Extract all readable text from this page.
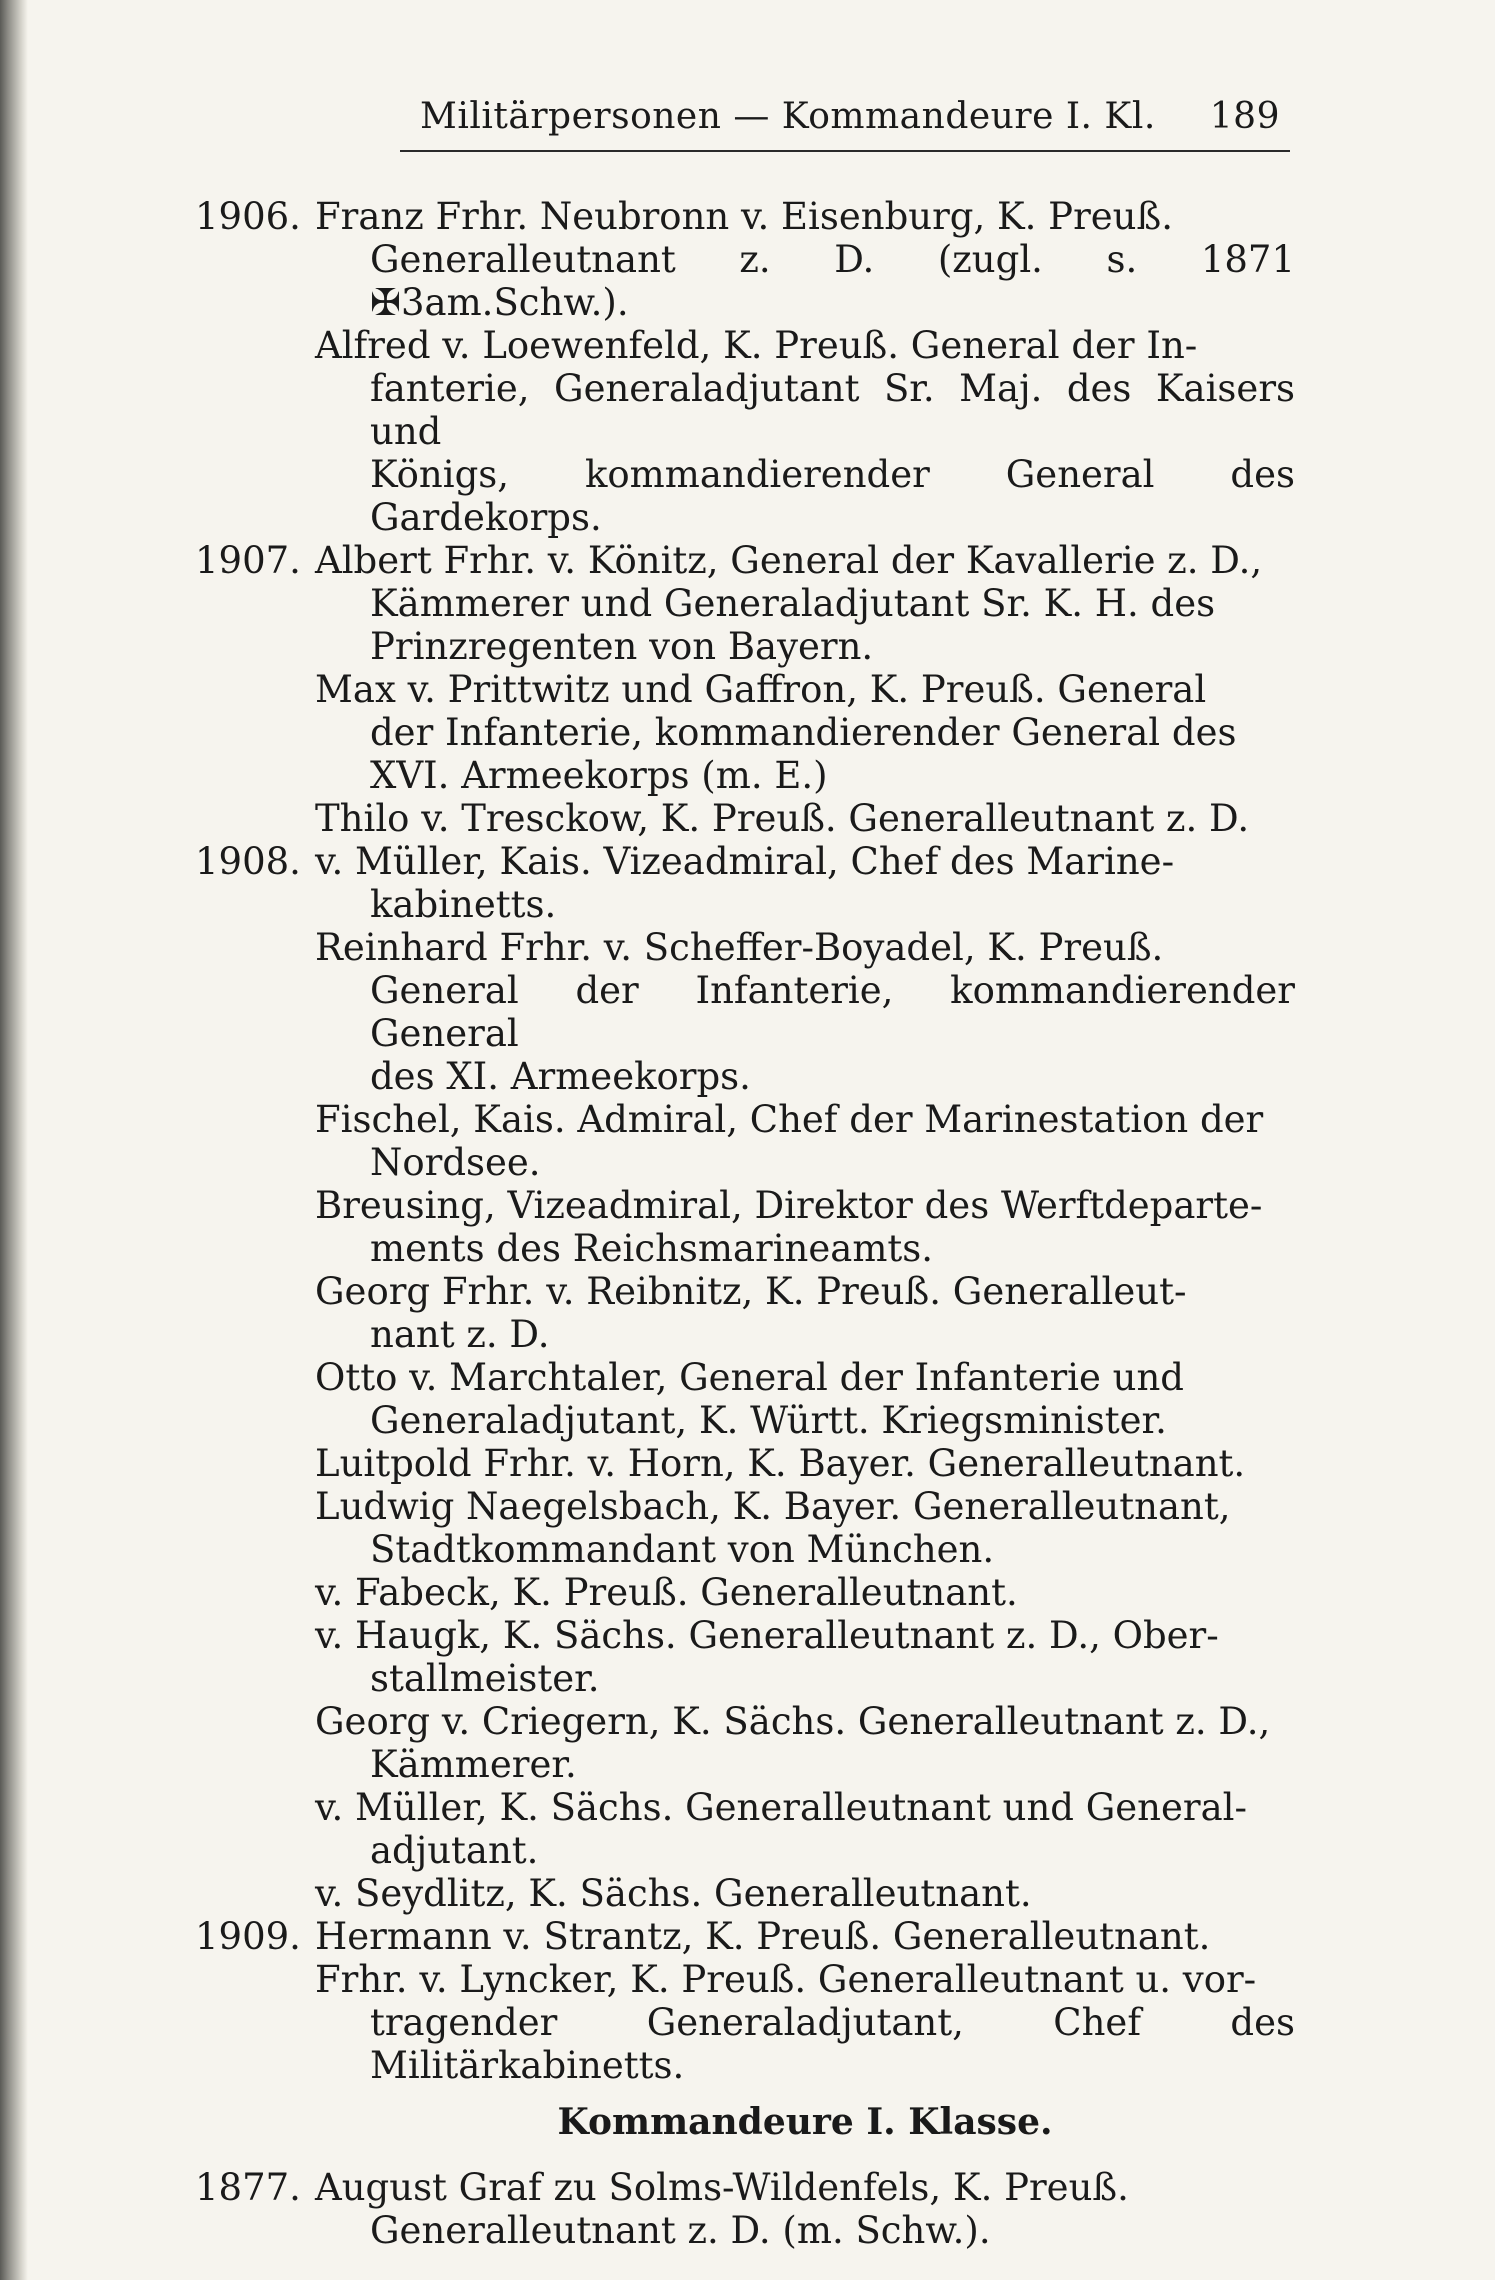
Militärpersonen — Kommandeure I. Kl. 189
1906. Franz Frhr. Neubronn v. Eisenburg, K. Preuß.
Generalleutnant z. D. (zugl. s. 1871 ✠3am.Schw.).
Alfred v. Loewenfeld, K. Preuß. General der In-
fanterie, Generaladjutant Sr. Maj. des Kaisers und
Königs, kommandierender General des Gardekorps.
1907. Albert Frhr. v. Könitz, General der Kavallerie z. D.,
Kämmerer und Generaladjutant Sr. K. H. des
Prinzregenten von Bayern.
Max v. Prittwitz und Gaffron, K. Preuß. General
der Infanterie, kommandierender General des
XVI. Armeekorps (m. E.)
Thilo v. Tresckow, K. Preuß. Generalleutnant z. D.
1908. v. Müller, Kais. Vizeadmiral, Chef des Marine-
kabinetts.
Reinhard Frhr. v. Scheffer-Boyadel, K. Preuß.
General der Infanterie, kommandierender General
des XI. Armeekorps.
Fischel, Kais. Admiral, Chef der Marinestation der
Nordsee.
Breusing, Vizeadmiral, Direktor des Werftdeparte-
ments des Reichsmarineamts.
Georg Frhr. v. Reibnitz, K. Preuß. Generalleut-
nant z. D.
Otto v. Marchtaler, General der Infanterie und
Generaladjutant, K. Württ. Kriegsminister.
Luitpold Frhr. v. Horn, K. Bayer. Generalleutnant.
Ludwig Naegelsbach, K. Bayer. Generalleutnant,
Stadtkommandant von München.
v. Fabeck, K. Preuß. Generalleutnant.
v. Haugk, K. Sächs. Generalleutnant z. D., Ober-
stallmeister.
Georg v. Criegern, K. Sächs. Generalleutnant z. D.,
Kämmerer.
v. Müller, K. Sächs. Generalleutnant und General-
adjutant.
v. Seydlitz, K. Sächs. Generalleutnant.
1909. Hermann v. Strantz, K. Preuß. Generalleutnant.
Frhr. v. Lyncker, K. Preuß. Generalleutnant u. vor-
tragender Generaladjutant, Chef des Militärkabinetts.
Kommandeure I. Klasse.
1877. August Graf zu Solms-Wildenfels, K. Preuß.
Generalleutnant z. D. (m. Schw.).
